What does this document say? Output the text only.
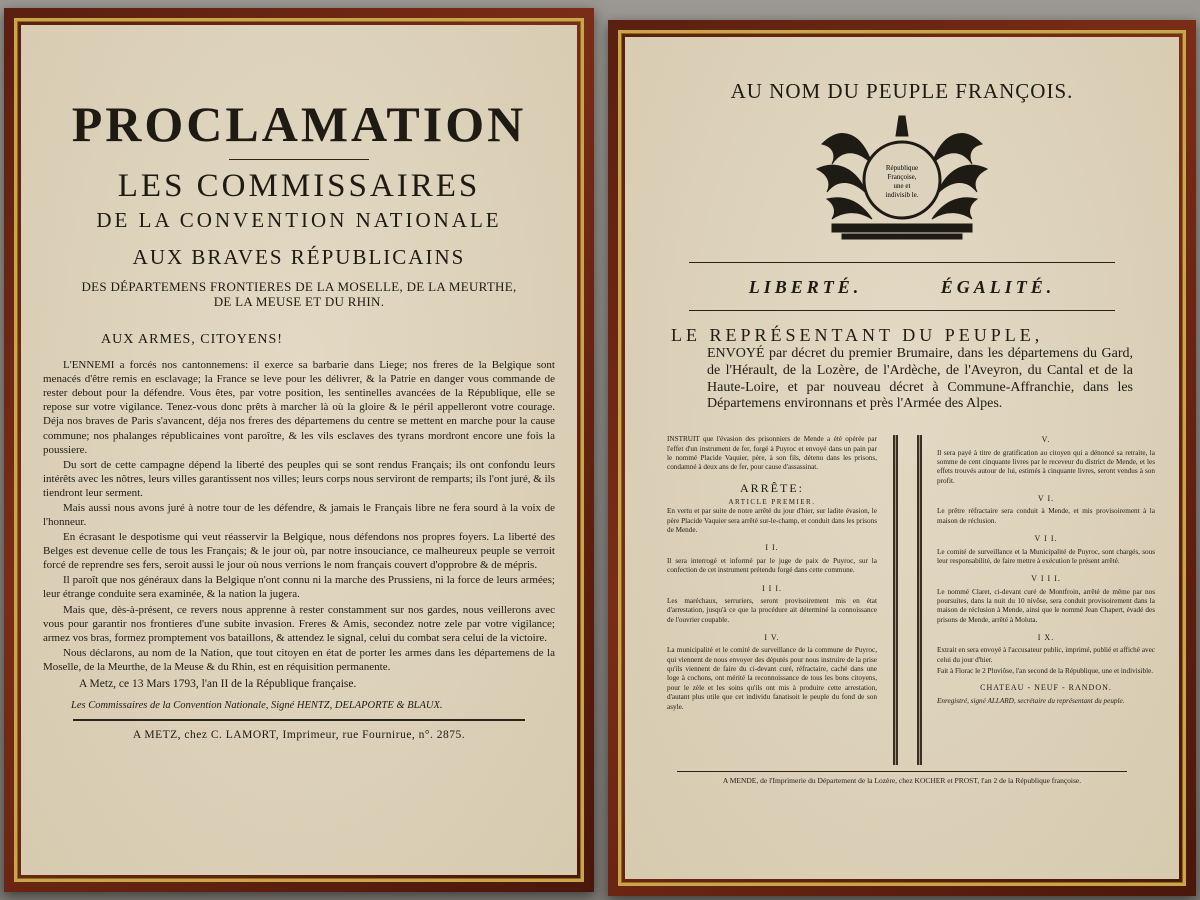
PROCLAMATION
LES COMMISSAIRES
DE LA CONVENTION NATIONALE
AUX BRAVES RÉPUBLICAINS
DES DÉPARTEMENS FRONTIERES DE LA MOSELLE, DE LA MEURTHE,
DE LA MEUSE ET DU RHIN.
AUX ARMES, CITOYENS!

L'ENNEMI a forcés nos cantonnemens: il exerce sa barbarie dans Liege; nos freres de la Belgique sont menacés d'être remis en esclavage; la France se leve pour les délivrer, & la Patrie en danger vous commande de rester debout pour la défendre. Vous êtes, par votre position, les sentinelles avancées de la République, elle se repose sur votre vigilance. Tenez-vous donc prêts à marcher là où la gloire & le péril appelleront votre courage. Déja nos braves de Paris s'avancent, déja nos freres des départemens du centre se mettent en marche pour la cause commune; nos phalanges républicaines vont paroître, & les vils esclaves des tyrans mordront encore une fois la poussiere.

Du sort de cette campagne dépend la liberté des peuples qui se sont rendus Français; ils ont confondu leurs intérêts avec les nôtres, leurs villes garantissent nos villes; leurs corps nous serviront de remparts; ils l'ont juré, & ils tiendront leur serment.

Mais aussi nous avons juré à notre tour de les défendre, & jamais le Français libre ne fera sourd à la voix de l'honneur.

En écrasant le despotisme qui veut réasservir la Belgique, nous défendons nos propres foyers. La liberté des Belges est devenue celle de tous les Français; & le jour où, par notre insouciance, ce malheureux peuple se verroit forcé de reprendre ses fers, seroit aussi le jour où nous verrions le nom français couvert d'opprobre & de mépris.

Il paroît que nos généraux dans la Belgique n'ont connu ni la marche des Prussiens, ni la force de leurs armées; leur étrange conduite sera examinée, & la nation la jugera.

Mais que, dès-à-présent, ce revers nous apprenne à rester constamment sur nos gardes, nous veillerons avec vous pour garantir nos frontieres d'une subite invasion. Freres & Amis, secondez notre zele par votre vigilance; armez vos bras, formez promptement vos bataillons, & attendez le signal, celui du combat sera celui de la victoire.

Nous déclarons, au nom de la Nation, que tout citoyen en état de porter les armes dans les départemens de la Moselle, de la Meurthe, de la Meuse & du Rhin, est en réquisition permanente.

A Metz, ce 13 Mars 1793, l'an II de la République française.
Les Commissaires de la Convention Nationale, Signé HENTZ, DELAPORTE & BLAUX.
A METZ, chez C. LAMORT, Imprimeur, rue Fournirue, n°. 2875.
AU NOM DU PEUPLE FRANÇOIS.
République
Françoise,
une et
indivisib le.
LIBERTÉ.	ÉGALITÉ.
LE REPRÉSENTANT DU PEUPLE,
ENVOYÉ par décret du premier Brumaire, dans les départemens du Gard, de l'Hérault, de la Lozère, de l'Ardèche, de l'Aveyron, du Cantal et de la Haute-Loire, et par nouveau décret à Commune-Affranchie, dans les Départemens environnans et près l'Armée des Alpes.

INSTRUIT que l'évasion des prisonniers de Mende a été opérée par l'effet d'un instrument de fer, forgé à Puyroc et envoyé dans un pain par le nommé Placide Vaquier, père, à son fils, détenu dans les prisons, condamné à deux ans de fer, pour cause d'assassinat.

ARRÊTE:
ARTICLE PREMIER.

En vertu et par suite de notre arrêté du jour d'hier, sur ladite évasion, le père Placide Vaquier sera arrêté sur-le-champ, et conduit dans les prisons de Mende.

I I.

Il sera interrogé et informé par le juge de paix de Puyroc, sur la confection de cet instrument prétendu forgé dans cette commune.

I I I.

Les maréchaux, serruriers, seront provisoirement mis en état d'arrestation, jusqu'à ce que la procédure ait déterminé la connoissance de l'ouvrier coupable.

I V.

La municipalité et le comité de surveillance de la commune de Puyroc, qui viennent de nous envoyer des députés pour nous instruire de la prise qu'ils viennent de faire du ci-devant curé, réfractaire, caché dans une loge à cochons, ont mérité la reconnoissance de tous les bons citoyens, pour le zèle et les soins qu'ils ont mis à produire cette arrestation, d'autant plus utile que cet individu fanatisoit le peuple du fond de son asyle.

V.

Il sera payé à titre de gratification au citoyen qui a dénoncé sa retraite, la somme de cent cinquante livres par le receveur du district de Mende, et les effets trouvés autour de lui, estimés à cinquante livres, seront vendus à son profit.

V I.

Le prêtre réfractaire sera conduit à Mende, et mis provisoirement à la maison de réclusion.

V I I.

Le comité de surveillance et la Municipalité de Puyroc, sont chargés, sous leur responsabilité, de faire mettre à exécution le présent arrêté.

V I I I.

Le nommé Claret, ci-devant curé de Montfroin, arrêté de même par nos poursuites, dans la nuit du 10 nivôse, sera conduit provisoirement dans la maison de réclusion à Mende, ainsi que le nommé Jean Chapert, évadé des prisons de Mende, arrêté à Moluta.

I X.

Extrait en sera envoyé à l'accusateur public, imprimé, publié et affiché avec celui du jour d'hier.

Fait à Florac le 2 Pluviôse, l'an second de la République, une et indivisible.

CHATEAU - NEUF - RANDON.

Enregistré, signé ALLARD, secrétaire du représentant du peuple.

A MENDE, de l'Imprimerie du Département de la Lozère, chez KOCHER et PROST, l'an 2 de la République françoise.
